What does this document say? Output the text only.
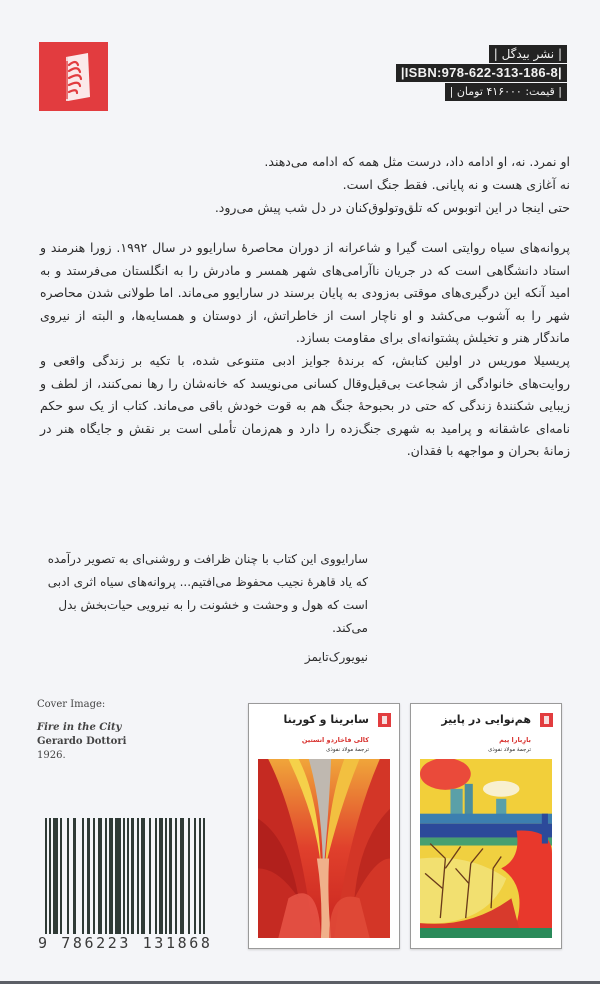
| نشر بیدگل |
|ISBN:978-622-313-186-8|
| قیمت: ۴۱۶۰۰۰ تومان |

او نمرد. نه، او ادامه داد، درست مثل همه که ادامه می‌دهند.

نه آغازی هست و نه پایانی. فقط جنگ است.

حتی اینجا در این اتوبوس که تلق‌وتولوق‌کنان در دل شب پیش می‌رود.

پروانه‌های سیاه روایتی است گیرا و شاعرانه از دوران محاصرهٔ سارایوو در سال ۱۹۹۲. زورا هنرمند و استاد دانشگاهی است که در جریان ناآرامی‌های شهر همسر و مادرش را به انگلستان می‌فرستد و به امید آنکه این درگیری‌های موقتی به‌زودی به پایان برسند در سارایوو می‌ماند. اما طولانی شدن محاصره شهر را به آشوب می‌کشد و او ناچار است از خاطراتش، از دوستان و همسایه‌ها، و البته از نیروی ماندگار هنر و تخیلش پشتوانه‌ای برای مقاومت بسازد.

پریسیلا موریس در اولین کتابش، که برندهٔ جوایز ادبی متنوعی شده، با تکیه بر زندگی واقعی و روایت‌های خانوادگی از شجاعت بی‌قیل‌وقال کسانی می‌نویسد که خانه‌شان را رها نمی‌کنند، از لطف و زیبایی شکنندهٔ زندگی که حتی در بحبوحهٔ جنگ هم به قوت خودش باقی می‌ماند. کتاب از یک سو حکم نامه‌ای عاشقانه و پرامید به شهری جنگ‌زده را دارد و هم‌زمان تأملی است بر نقش و جایگاه هنر در زمانهٔ بحران و مواجهه با فقدان.

سارایووی این کتاب با چنان ظرافت و روشنی‌ای به تصویر درآمده که یاد قاهرهٔ نجیب محفوظ می‌افتیم... پروانه‌های سیاه اثری ادبی است که هول و وحشت و خشونت را به نیرویی حیات‌بخش بدل می‌کند.

نیویورک‌تایمز

Cover Image:
Fire in the City
Gerardo Dottori
1926.
9 786223 131868
سابرینا و کورینا
کالی فاخاردو انستین
ترجمهٔ مولاد نفوذی
هم‌نوایی در پاییز
بارِبارا پیم
ترجمهٔ مولاد نفوذی
